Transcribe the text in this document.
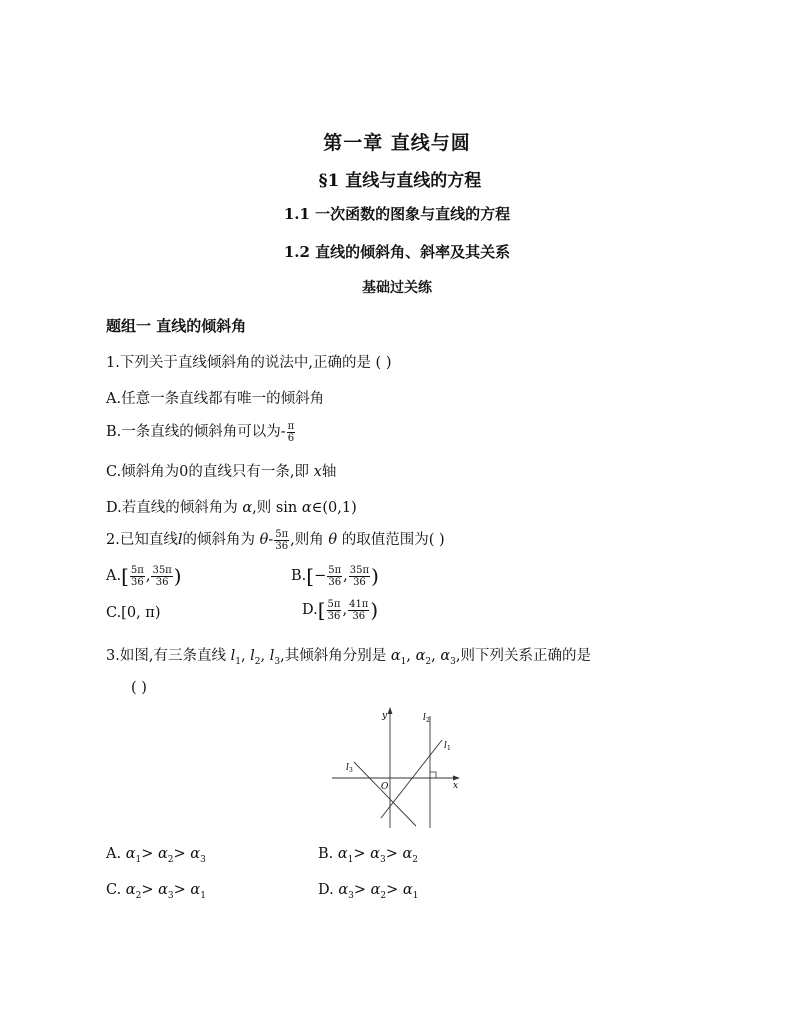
第一章 直线与圆
§1 直线与直线的方程
1.1 一次函数的图象与直线的方程
1.2 直线的倾斜角、斜率及其关系
基础过关练
题组一 直线的倾斜角
1.下列关于直线倾斜角的说法中,正确的是 ( )
A.任意一条直线都有唯一的倾斜角
B.一条直线的倾斜角可以为- $\frac{\pi}{6}$
C.倾斜角为0的直线只有一条,即 x轴
D.若直线的倾斜角为 α,则 sin α∈(0,1)
2.已知直线l的倾斜角为 $\theta- \frac{5\pi}{36}$ ,则角 θ 的取值范围为( )
A. [ $\frac{5\pi}{36}$ , $\frac{35\pi}{36}$ )	B. [ − $\frac{5\pi}{36}$ , $\frac{35\pi}{36}$ )
C.[0, π)	D. [ $\frac{5\pi}{36}$ , $\frac{41\pi}{36}$ )
3.如图,有三条直线 $l_1$, $l_2$, $l_3$,其倾斜角分别是 $\alpha_1$, $\alpha_2$, $\alpha_3$,则下列关系正确的是
( )
y
x
O
l 2
l 1
l 3
A. $\alpha_1> \alpha_2> \alpha_3$	B. $\alpha_1> \alpha_3> \alpha_2$
C. $\alpha_2> \alpha_3> \alpha_1$	D. $\alpha_3> \alpha_2> \alpha_1$
